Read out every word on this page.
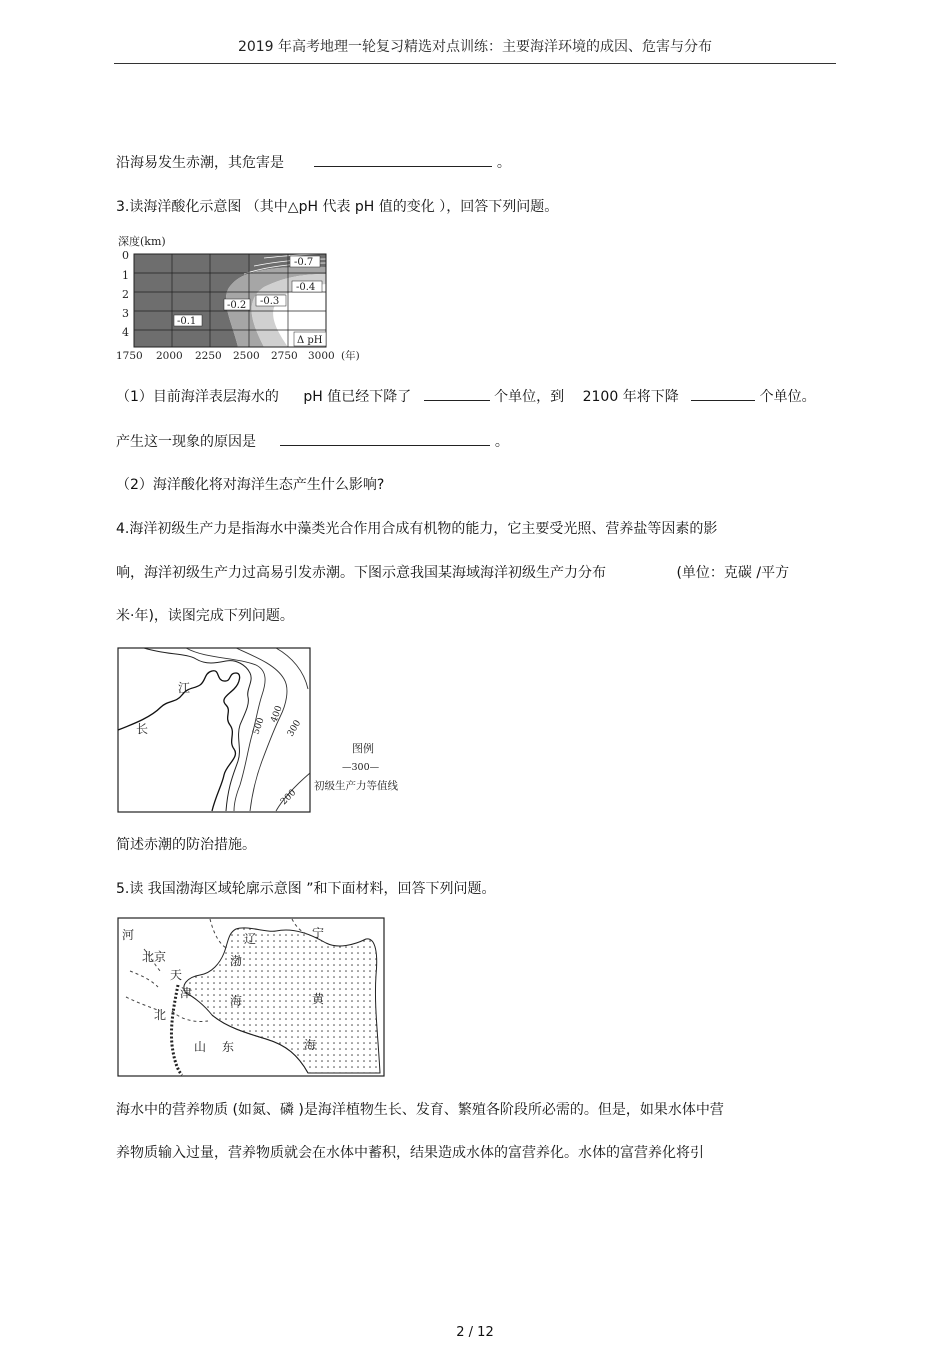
2019 年高考地理一轮复习精选对点训练：主要海洋环境的成因、危害与分布
沿海易发生赤潮，其危害是	。
3.读海洋酸化示意图 （其中△pH 代表 pH 值的变化 ），回答下列问题。
深度(km)
0
1
2
3
4
-0.7
-0.4
-0.2 -0.3
-0.1
Δ pH
1750 2000 2250 2500 2750 3000 (年)
（1）目前海洋表层海水的 pH 值已经下降了	个单位，到 2100 年将下降	个单位。
产生这一现象的原因是	。
（2）海洋酸化将对海洋生态产生什么影响?
4.海洋初级生产力是指海水中藻类光合作用合成有机物的能力，它主要受光照、营养盐等因素的影
响，海洋初级生产力过高易引发赤潮。下图示意我国某海域海洋初级生产力分布	(单位：克碳 /平方
米·年)，读图完成下列问题。
江
长	500
400
300
200
图例
—300—
初级生产力等值线
简述赤潮的防治措施。
5.读 我国渤海区域轮廓示意图 ”和下面材料，回答下列问题。
河
北京
天
津
北
辽	宁
渤
海	黄
海
山 东
海水中的营养物质 (如氮、磷 )是海洋植物生长、发育、繁殖各阶段所必需的。但是，如果水体中营
养物质输入过量，营养物质就会在水体中蓄积，结果造成水体的富营养化。水体的富营养化将引
2 / 12
